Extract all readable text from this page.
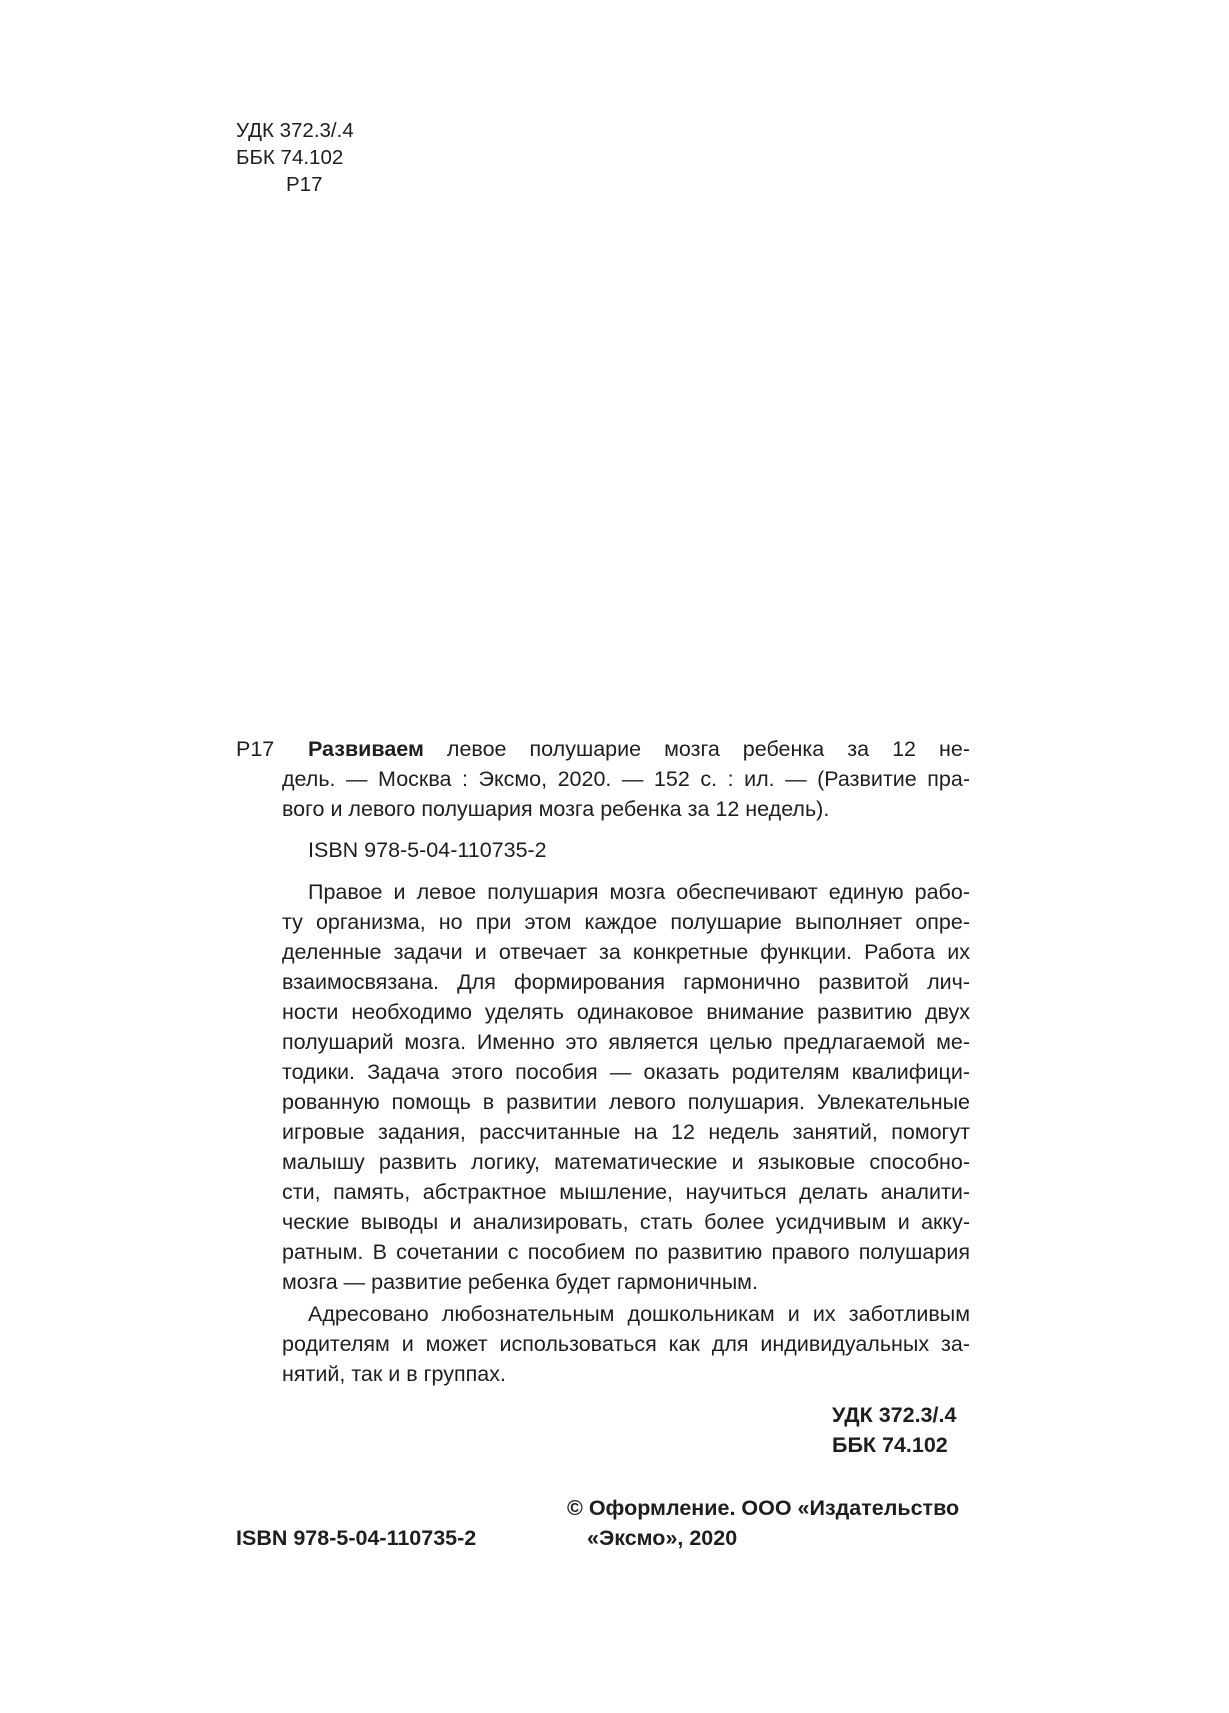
УДК 372.3/.4
ББК 74.102
Р17
Р17 Развиваем левое полушарие мозга ребенка за 12 не-
дель. — Москва : Эксмо, 2020. — 152 с. : ил. — (Развитие пра-
вого и левого полушария мозга ребенка за 12 недель).
ISBN 978-5-04-110735-2
Правое и левое полушария мозга обеспечивают единую рабо-
ту организма, но при этом каждое полушарие выполняет опре-
деленные задачи и отвечает за конкретные функции. Работа их
взаимосвязана. Для формирования гармонично развитой лич-
ности необходимо уделять одинаковое внимание развитию двух
полушарий мозга. Именно это является целью предлагаемой ме-
тодики. Задача этого пособия — оказать родителям квалифици-
рованную помощь в развитии левого полушария. Увлекательные
игровые задания, рассчитанные на 12 недель занятий, помогут
малышу развить логику, математические и языковые способно-
сти, память, абстрактное мышление, научиться делать аналити-
ческие выводы и анализировать, стать более усидчивым и акку-
ратным. В сочетании с пособием по развитию правого полушария
мозга — развитие ребенка будет гармоничным.
Адресовано любознательным дошкольникам и их заботливым
родителям и может использоваться как для индивидуальных за-
нятий, так и в группах.
УДК 372.3/.4
ББК 74.102
ISBN 978-5-04-110735-2
© Оформление. ООО «Издательство
«Эксмо», 2020
